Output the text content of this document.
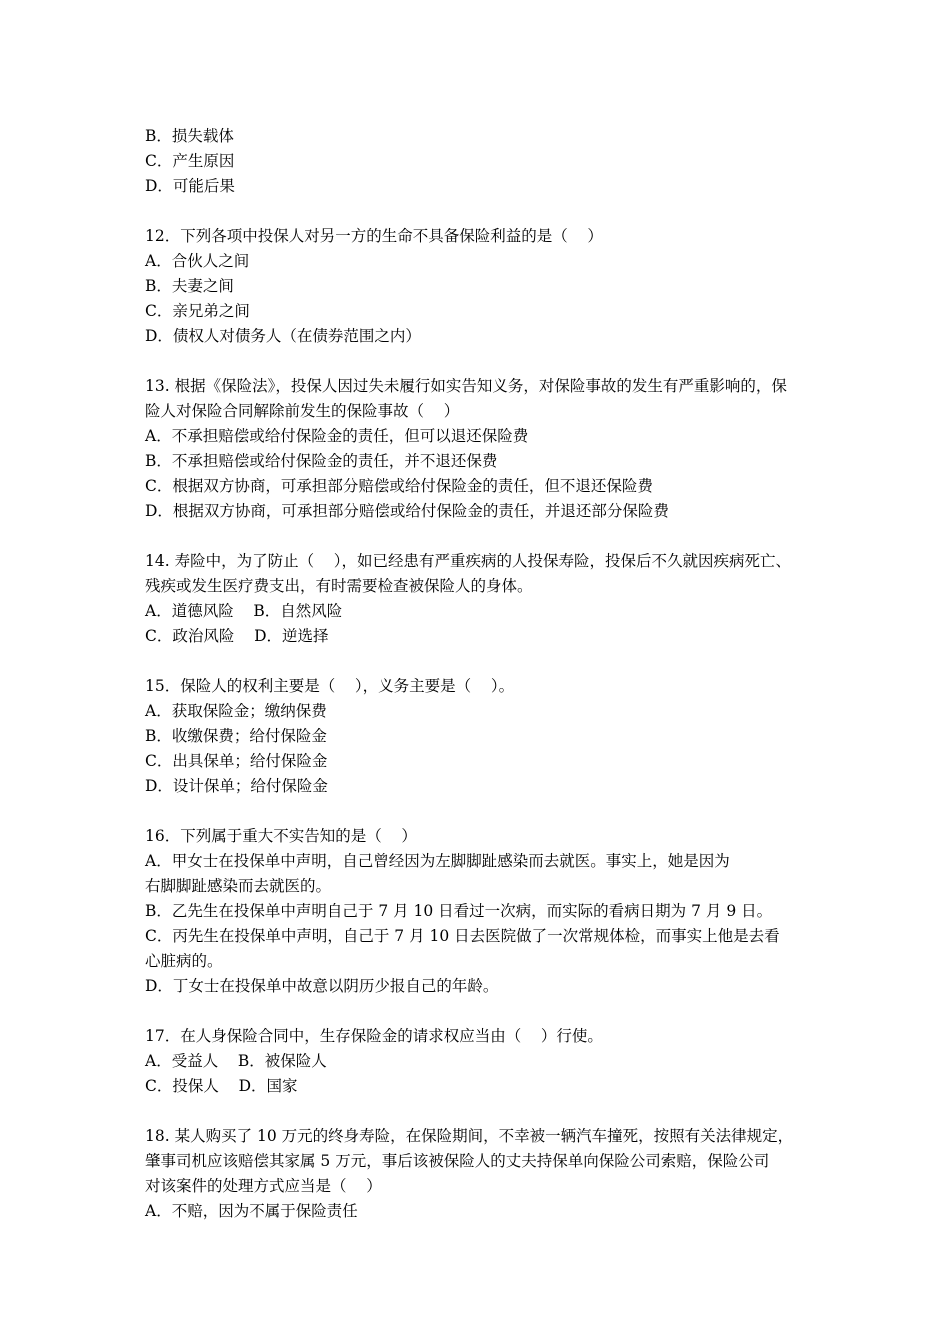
B．损失载体
C．产生原因
D．可能后果
12．下列各项中投保人对另一方的生命不具备保险利益的是（    ）
A．合伙人之间
B．夫妻之间
C．亲兄弟之间
D．债权人对债务人（在债券范围之内）
13. 根据《保险法》，投保人因过失未履行如实告知义务，对保险事故的发生有严重影响的，保
险人对保险合同解除前发生的保险事故（    ）
A．不承担赔偿或给付保险金的责任，但可以退还保险费
B．不承担赔偿或给付保险金的责任，并不退还保费
C．根据双方协商，可承担部分赔偿或给付保险金的责任，但不退还保险费
D．根据双方协商，可承担部分赔偿或给付保险金的责任，并退还部分保险费
14. 寿险中，为了防止（    ），如已经患有严重疾病的人投保寿险，投保后不久就因疾病死亡、
残疾或发生医疗费支出，有时需要检查被保险人的身体。
A．道德风险    B．自然风险
C．政治风险    D．逆选择
15．保险人的权利主要是（    ），义务主要是（    ）。
A．获取保险金；缴纳保费
B．收缴保费；给付保险金
C．出具保单；给付保险金
D．设计保单；给付保险金
16．下列属于重大不实告知的是（    ）
A．甲女士在投保单中声明，自己曾经因为左脚脚趾感染而去就医。事实上，她是因为
右脚脚趾感染而去就医的。
B．乙先生在投保单中声明自己于 7 月 10 日看过一次病，而实际的看病日期为 7 月 9 日。
C．丙先生在投保单中声明，自己于 7 月 10 日去医院做了一次常规体检，而事实上他是去看
心脏病的。
D．丁女士在投保单中故意以阴历少报自己的年龄。
17．在人身保险合同中，生存保险金的请求权应当由（    ）行使。
A．受益人    B．被保险人
C．投保人    D．国家
18. 某人购买了 10 万元的终身寿险，在保险期间，不幸被一辆汽车撞死，按照有关法律规定，
肇事司机应该赔偿其家属 5 万元，事后该被保险人的丈夫持保单向保险公司索赔，保险公司
对该案件的处理方式应当是（    ）
A．不赔，因为不属于保险责任
